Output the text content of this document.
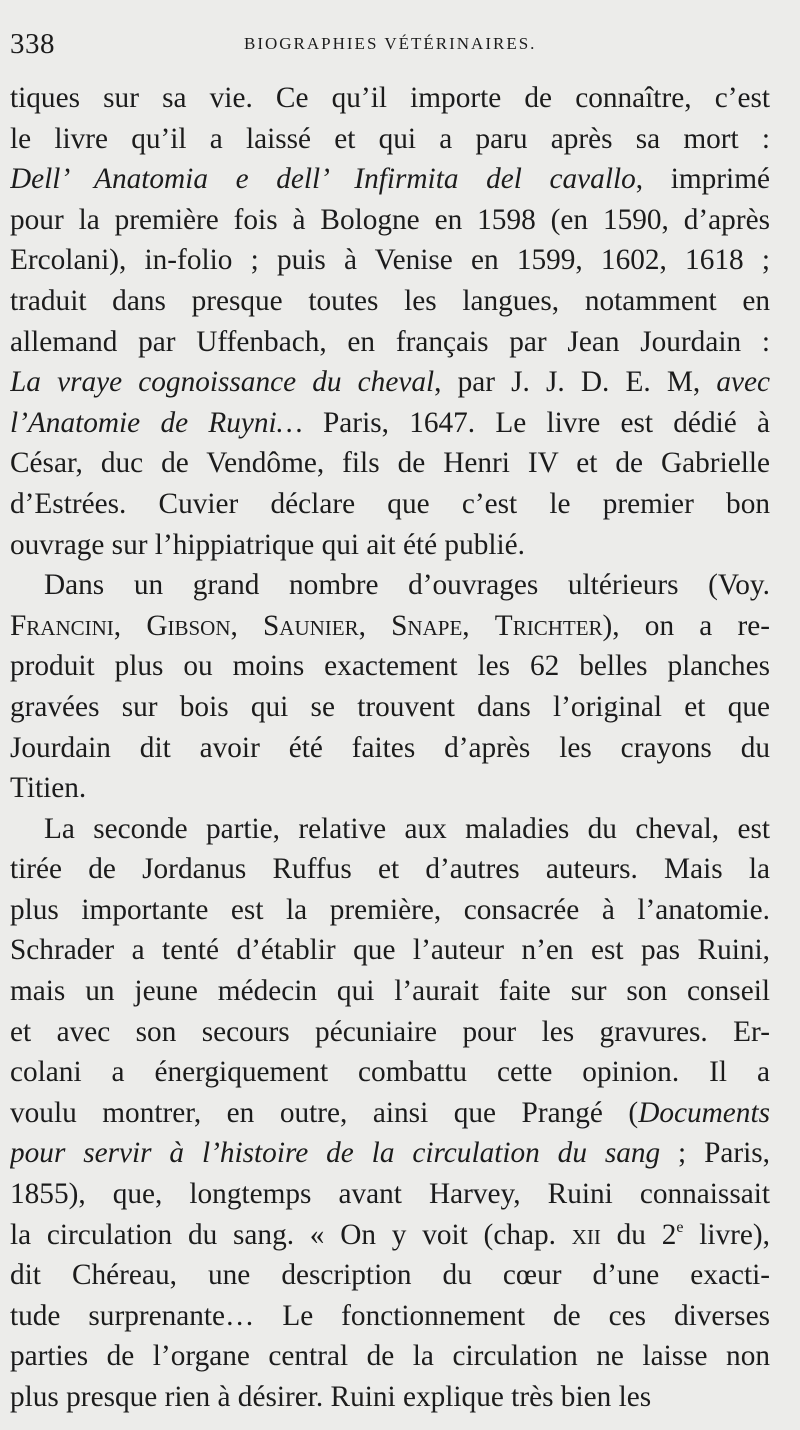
338	BIOGRAPHIES VÉTÉRINAIRES.
tiques sur sa vie. Ce qu’il importe de connaître, c’est
le livre qu’il a laissé et qui a paru après sa mort :
Dell’ Anatomia e dell’ Infirmita del cavallo, imprimé
pour la première fois à Bologne en 1598 (en 1590, d’après
Ercolani), in-folio ; puis à Venise en 1599, 1602, 1618 ;
traduit dans presque toutes les langues, notamment en
allemand par Uffenbach, en français par Jean Jourdain :
La vraye cognoissance du cheval, par J. J. D. E. M, avec
l’Anatomie de Ruyni… Paris, 1647. Le livre est dédié à
César, duc de Vendôme, fils de Henri IV et de Gabrielle
d’Estrées. Cuvier déclare que c’est le premier bon
ouvrage sur l’hippiatrique qui ait été publié.
Dans un grand nombre d’ouvrages ultérieurs (Voy.
Francini, Gibson, Saunier, Snape, Trichter), on a re-
produit plus ou moins exactement les 62 belles planches
gravées sur bois qui se trouvent dans l’original et que
Jourdain dit avoir été faites d’après les crayons du
Titien.
La seconde partie, relative aux maladies du cheval, est
tirée de Jordanus Ruffus et d’autres auteurs. Mais la
plus importante est la première, consacrée à l’anatomie.
Schrader a tenté d’établir que l’auteur n’en est pas Ruini,
mais un jeune médecin qui l’aurait faite sur son conseil
et avec son secours pécuniaire pour les gravures. Er-
colani a énergiquement combattu cette opinion. Il a
voulu montrer, en outre, ainsi que Prangé (Documents
pour servir à l’histoire de la circulation du sang ; Paris,
1855), que, longtemps avant Harvey, Ruini connaissait
la circulation du sang. « On y voit (chap. xii du 2e livre),
dit Chéreau, une description du cœur d’une exacti-
tude surprenante… Le fonctionnement de ces diverses
parties de l’organe central de la circulation ne laisse non
plus presque rien à désirer. Ruini explique très bien les
